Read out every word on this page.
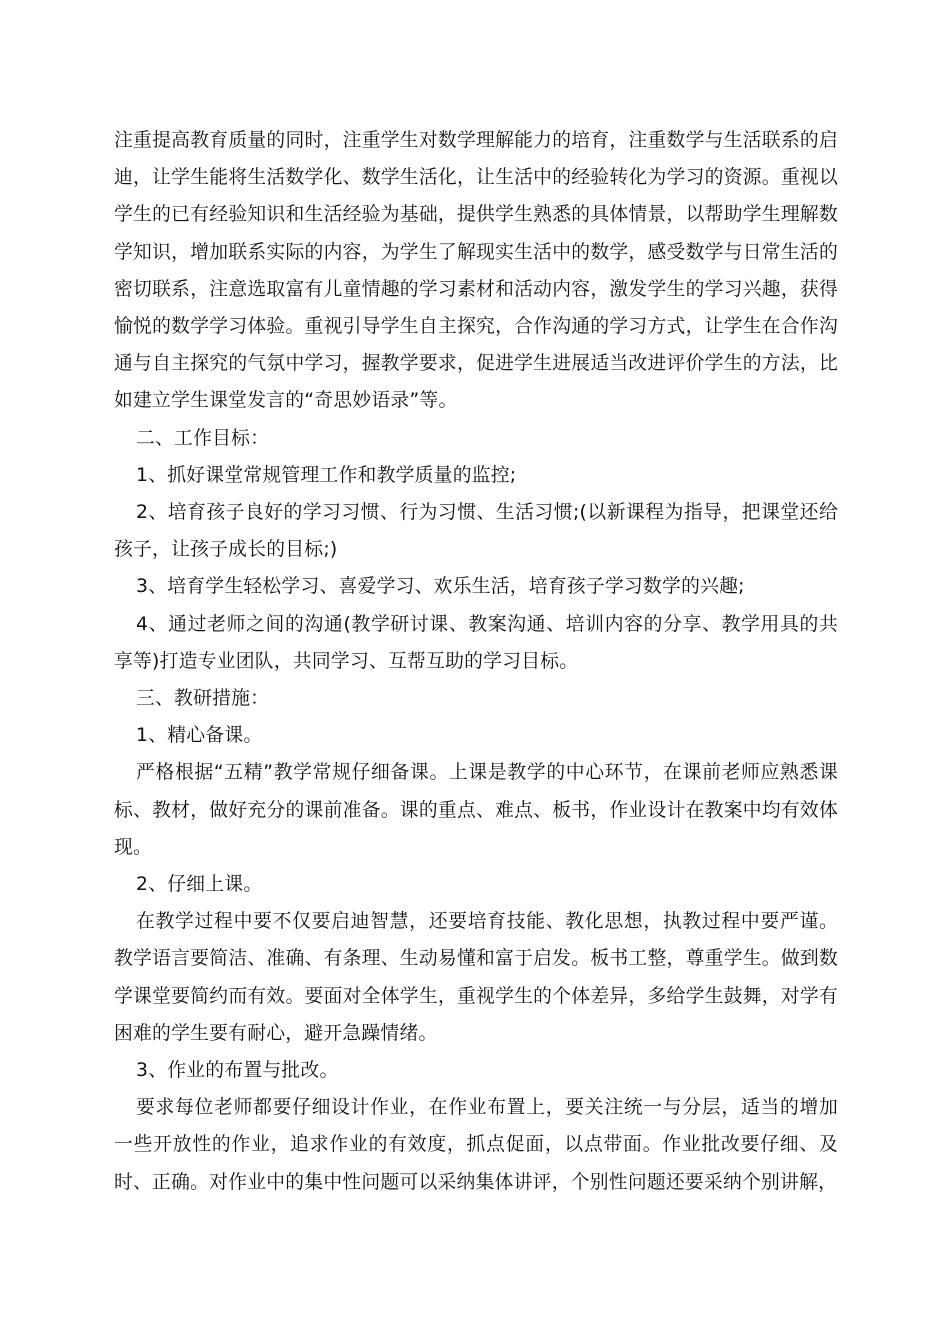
注重提高教育质量的同时，注重学生对数学理解能力的培育，注重数学与生活联系的启迪，让学生能将生活数学化、数学生活化，让生活中的经验转化为学习的资源。重视以学生的已有经验知识和生活经验为基础，提供学生熟悉的具体情景，以帮助学生理解数学知识，增加联系实际的内容，为学生了解现实生活中的数学，感受数学与日常生活的密切联系，注意选取富有儿童情趣的学习素材和活动内容，激发学生的学习兴趣，获得愉悦的数学学习体验。重视引导学生自主探究，合作沟通的学习方式，让学生在合作沟通与自主探究的气氛中学习，握教学要求，促进学生进展适当改进评价学生的方法，比如建立学生课堂发言的“奇思妙语录”等。

二、工作目标：

1、抓好课堂常规管理工作和教学质量的监控;

2、培育孩子良好的学习习惯、行为习惯、生活习惯;(以新课程为指导，把课堂还给孩子，让孩子成长的目标;)

3、培育学生轻松学习、喜爱学习、欢乐生活，培育孩子学习数学的兴趣;

4、通过老师之间的沟通(教学研讨课、教案沟通、培训内容的分享、教学用具的共享等)打造专业团队，共同学习、互帮互助的学习目标。

三、教研措施：

1、精心备课。

严格根据“五精”教学常规仔细备课。上课是教学的中心环节，在课前老师应熟悉课标、教材，做好充分的课前准备。课的重点、难点、板书，作业设计在教案中均有效体现。

2、仔细上课。

在教学过程中要不仅要启迪智慧，还要培育技能、教化思想，执教过程中要严谨。教学语言要简洁、准确、有条理、生动易懂和富于启发。板书工整，尊重学生。做到数学课堂要简约而有效。要面对全体学生，重视学生的个体差异，多给学生鼓舞，对学有困难的学生要有耐心，避开急躁情绪。

3、作业的布置与批改。

要求每位老师都要仔细设计作业，在作业布置上，要关注统一与分层，适当的增加一些开放性的作业，追求作业的有效度，抓点促面，以点带面。作业批改要仔细、及时、正确。对作业中的集中性问题可以采纳集体讲评，个别性问题还要采纳个别讲解，
